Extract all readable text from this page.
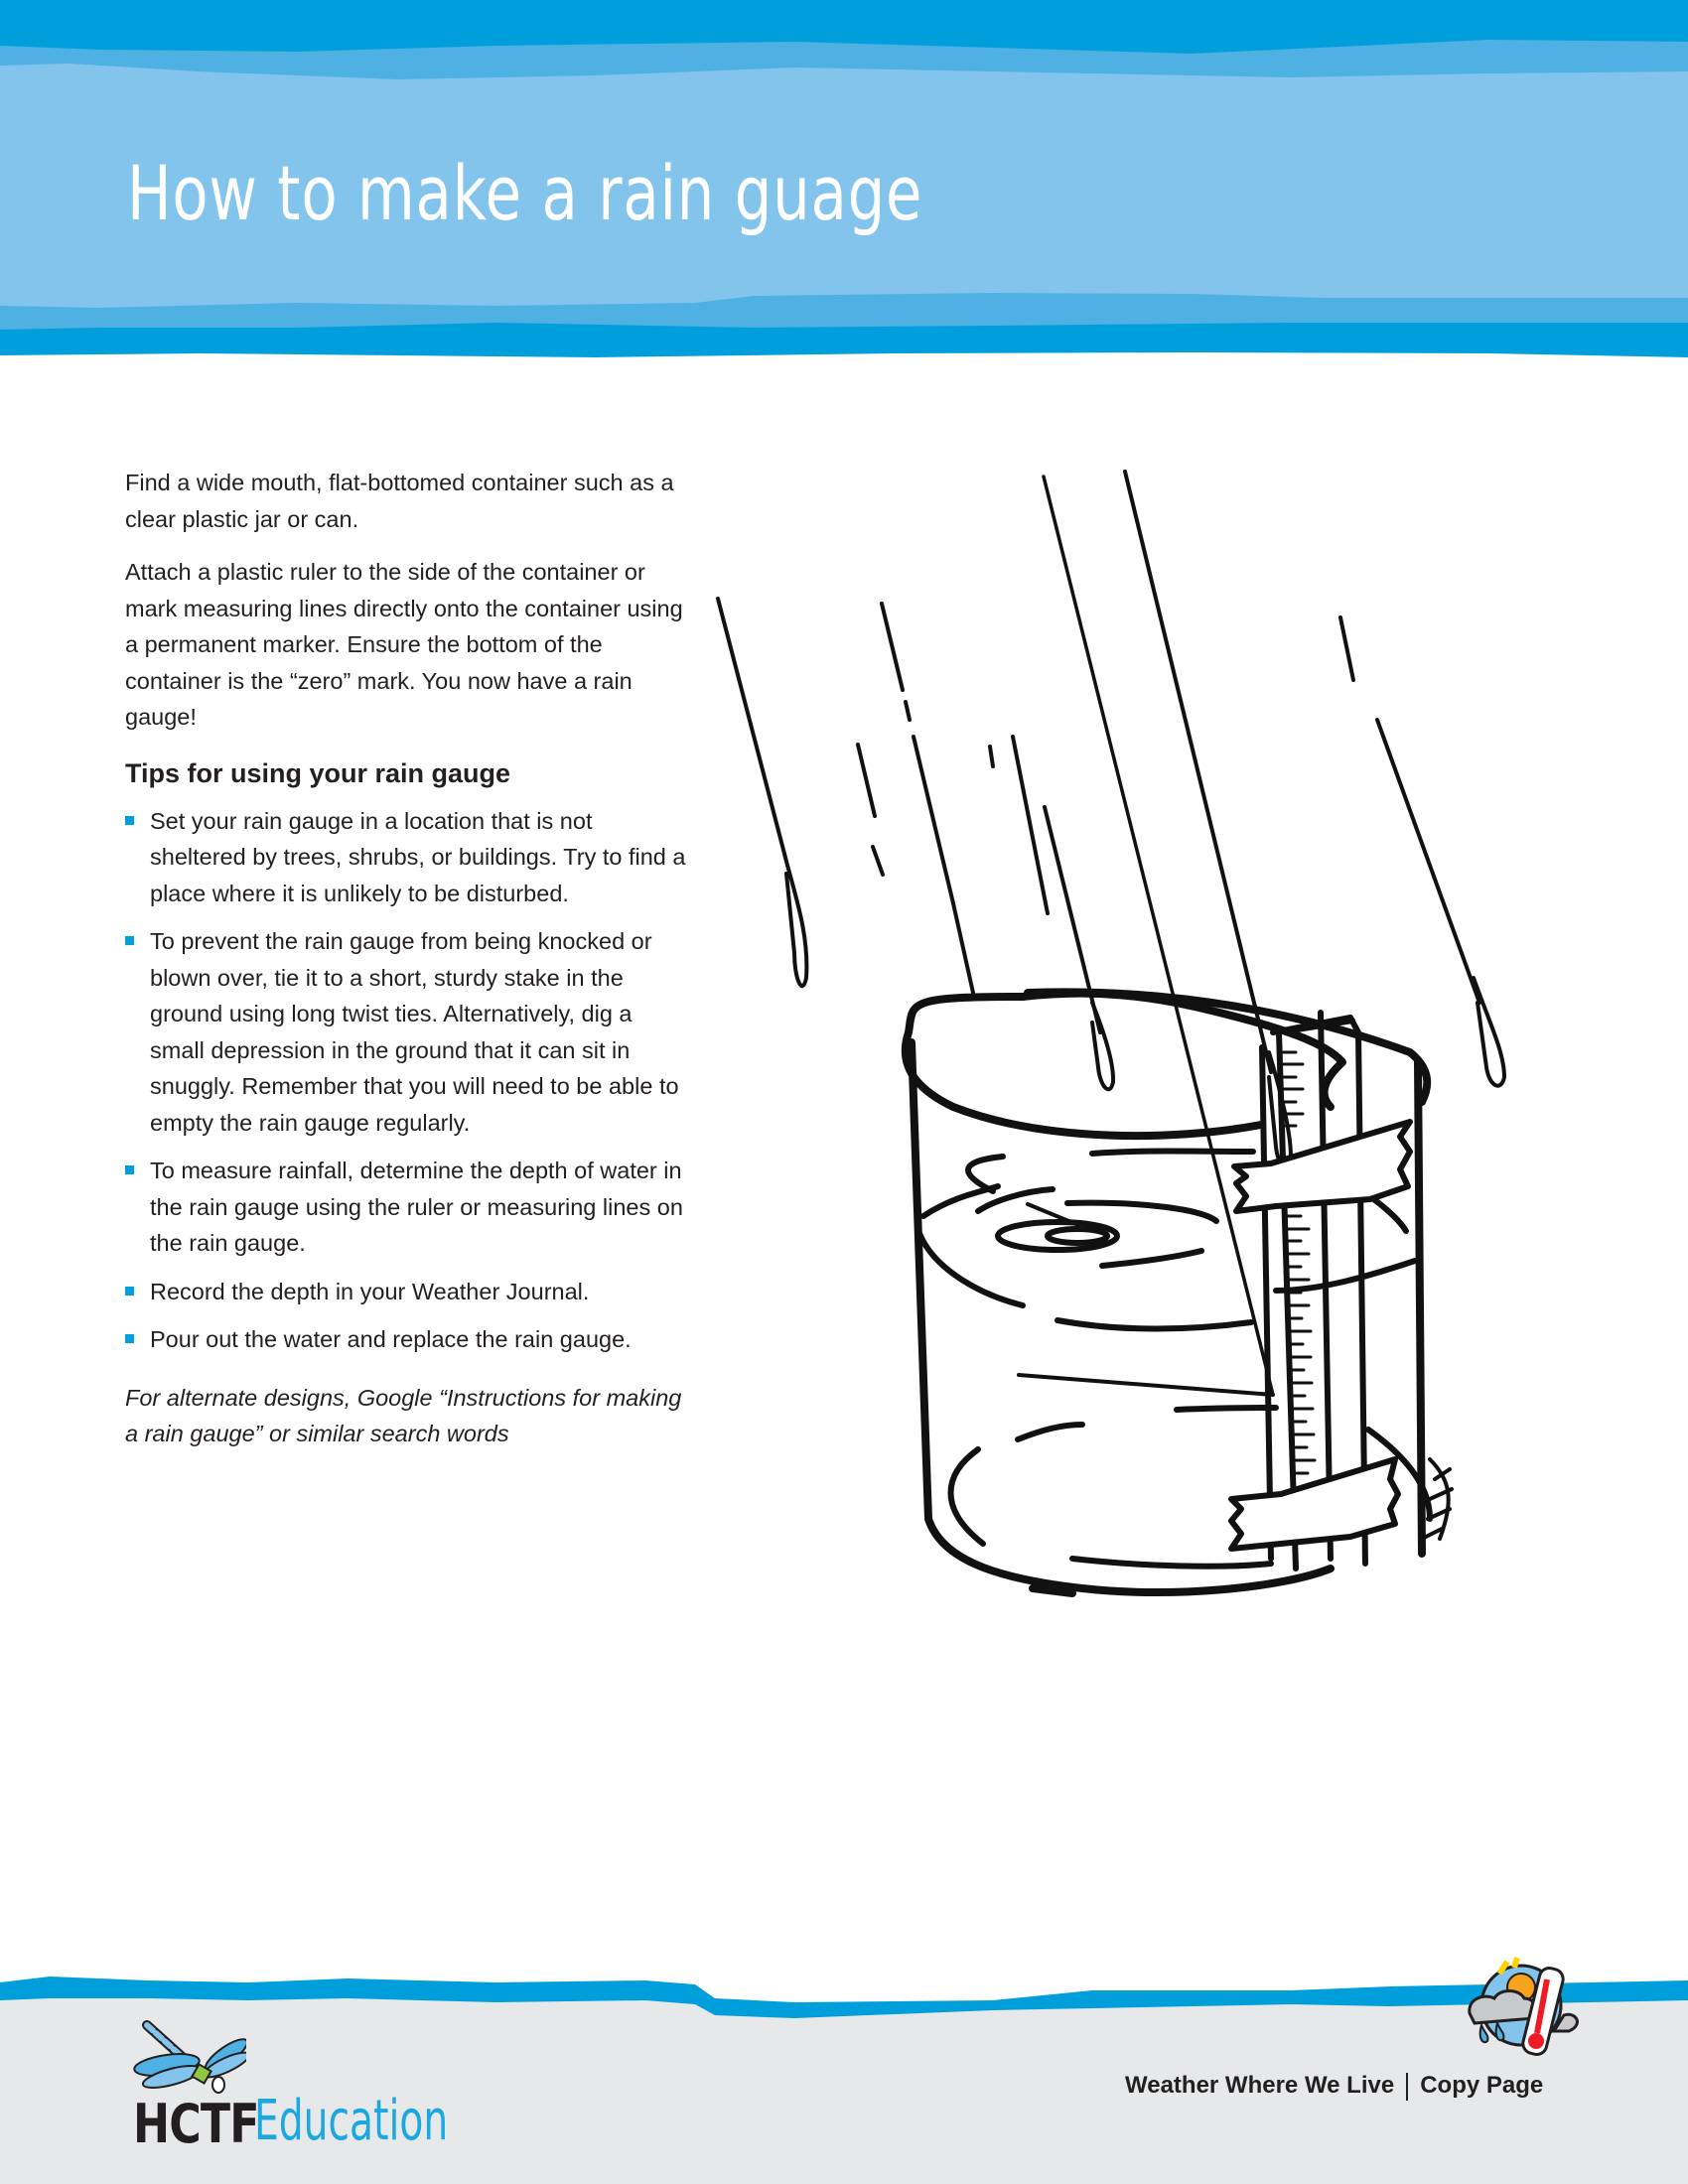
How to make a rain guage

Find a wide mouth, flat-bottomed container such as a clear plastic jar or can.

Attach a plastic ruler to the side of the container or mark measuring lines directly onto the container using a permanent marker. Ensure the bottom of the container is the “zero” mark. You now have a rain gauge!

Tips for using your rain gauge
Set your rain gauge in a location that is not sheltered by trees, shrubs, or buildings. Try to find a place where it is unlikely to be disturbed.
To prevent the rain gauge from being knocked or blown over, tie it to a short, sturdy stake in the ground using long twist ties. Alternatively, dig a small depression in the ground that it can sit in snuggly. Remember that you will need to be able to empty the rain gauge regularly.
To measure rainfall, determine the depth of water in the rain gauge using the ruler or measuring lines on the rain gauge.
Record the depth in your Weather Journal.
Pour out the water and replace the rain gauge.

For alternate designs, Google “Instructions for making a rain gauge” or similar search words

HCTF
Education
Weather Where We Live Copy Page
